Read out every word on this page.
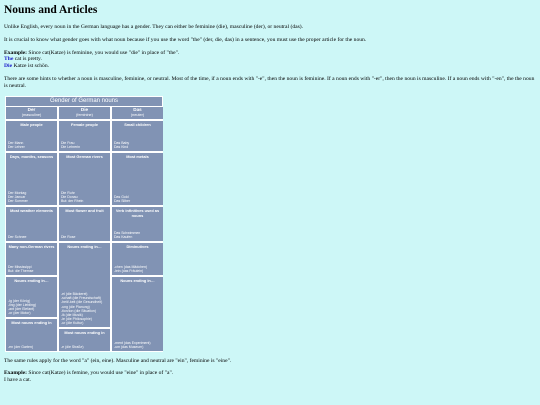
Nouns and Articles

Unlike English, every noun in the German language has a gender. They can either be feminine (die), masculine (der), or neutral (das).

It is crucial to know what gender goes with what noun because if you use the word "the" (der, die, das) in a sentence, you must use the proper article for the noun.

Example: Since cat(Katze) is feminine, you would use "die" in place of "the".

The cat is pretty.

Die Katze ist schön.

There are some hints to whether a noun is masculine, feminine, or neutral. Most of the time, if a noun ends with "-e", then the noun is feminine. If a noun ends with "-er", then the noun is masculine. If a noun ends with "-en", the the noun is neutral.

Gender of German nouns
Der
(masculine)
Male people
Der Mann
Der Lehrer
Days, months, seasons
Der Montag
Der Januar
Der Sommer
Most weather elements
Der Schnee
Many non-German rivers
Der Mississippi
But: die Themse
Nouns ending in…
-ig (der König)
-ling (der Liebling)
-ant (der Elefant)
-or (der Motor)
Most nouns ending in
-en (der Garten)
Die
(feminine)
Female people
Die Frau
Die Lehrerin
Most German rivers
Die Ruhr
Die Donau
But: der Rhein
Most flower and fruit
Die Rose
Nouns ending in…
-ei (die Bäckerei)
-schaft (die Freundschaft)
-heit/-keit (die Gesundheit)
-ung (die Planung)
-tion/ion (die Situation)
-ik (die Musik)
-ie (die Philosophie)
-ur (die Kultur)
Most nouns ending in
-e (die Straße)
Das
(neuter)
Small children
Das Baby
Das Kind
Most metals
Das Gold
Das Silber
Verb infinitives used as nouns
Das Schwimmen
Das Kaufen
Diminutives
-chen (das Mädchen)
-lein (das Fräulein)
Nouns ending in…
-ment (das Experiment)
-um (das Museum)

The same rules apply for the word "a" (ein, eine). Masculine and neutral are "ein", feminine is "eine".

Example: Since cat(Katze) is femine, you would use "eine" in place of "a".

I have a cat.
